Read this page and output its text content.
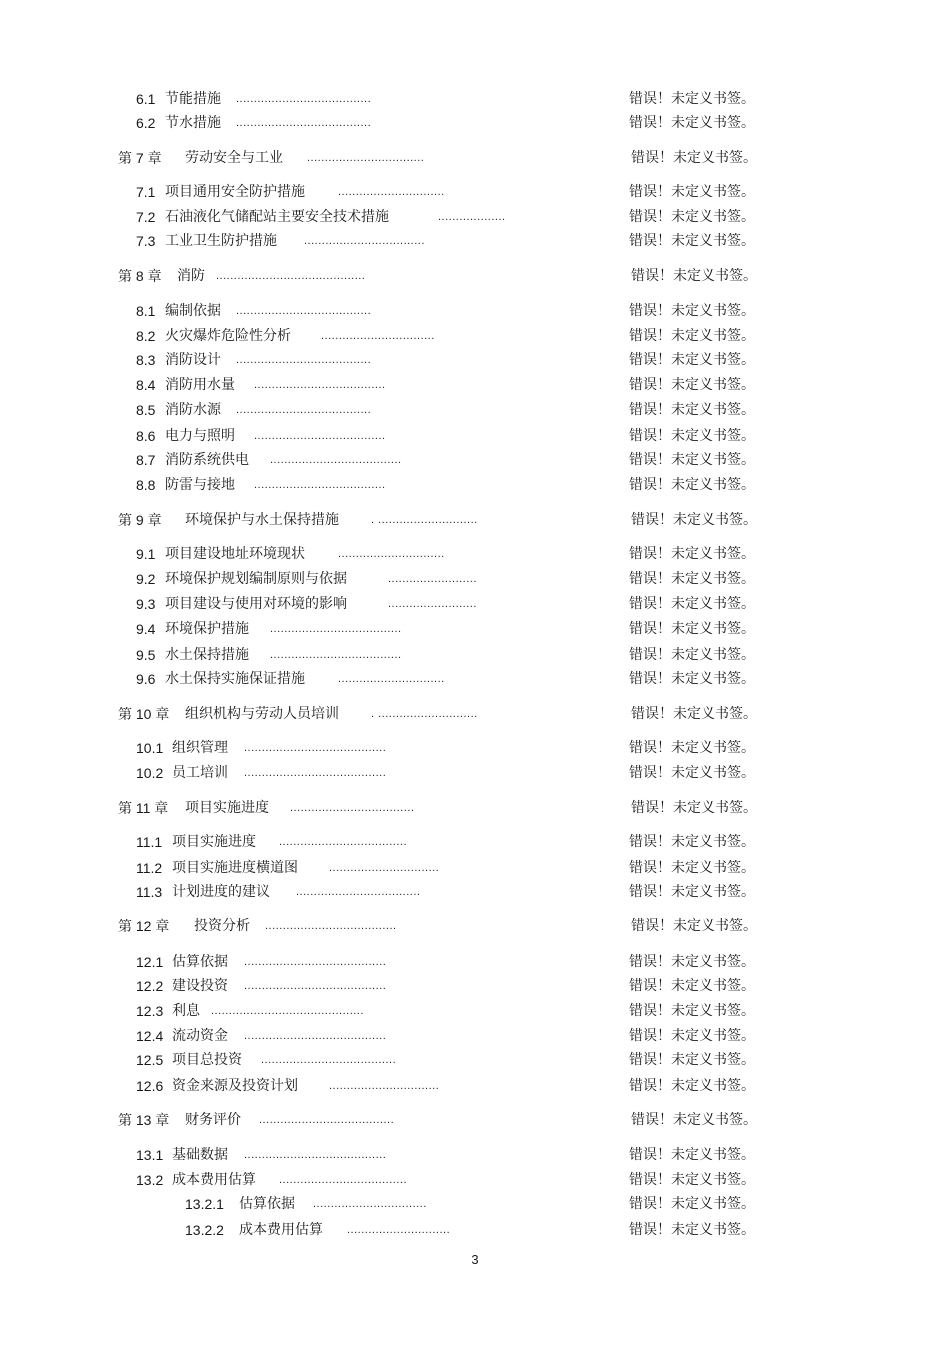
6.1 节能措施 ......................................	错误！未定义书签。
6.2 节水措施 ......................................	错误！未定义书签。
第 7 章 劳动安全与工业 .................................	错误！未定义书签。
7.1 项目通用安全防护措施	..............................	错误！未定义书签。
7.2 石油液化气储配站主要安全技术措施	...................	错误！未定义书签。
7.3 工业卫生防护措施 ..................................	错误！未定义书签。
第 8 章 消防 ..........................................	错误！未定义书签。
8.1 编制依据 ......................................	错误！未定义书签。
8.2 火灾爆炸危险性分析	................................	错误！未定义书签。
8.3 消防设计 ......................................	错误！未定义书签。
8.4 消防用水量 .....................................	错误！未定义书签。
8.5 消防水源 ......................................	错误！未定义书签。
8.6 电力与照明 .....................................	错误！未定义书签。
8.7 消防系统供电 .....................................	错误！未定义书签。
8.8 防雷与接地 .....................................	错误！未定义书签。
第 9 章 环境保护与水土保持措施	. ............................	错误！未定义书签。
9.1 项目建设地址环境现状	..............................	错误！未定义书签。
9.2 环境保护规划编制原则与依据	.........................	错误！未定义书签。
9.3 项目建设与使用对环境的影响	.........................	错误！未定义书签。
9.4 环境保护措施 .....................................	错误！未定义书签。
9.5 水土保持措施 .....................................	错误！未定义书签。
9.6 水土保持实施保证措施	..............................	错误！未定义书签。
第 10 章 组织机构与劳动人员培训	. ............................	错误！未定义书签。
10.1 组织管理 ........................................	错误！未定义书签。
10.2 员工培训 ........................................	错误！未定义书签。
第 11 章 项目实施进度 ...................................	错误！未定义书签。
11.1 项目实施进度 ....................................	错误！未定义书签。
11.2 项目实施进度横道图	...............................	错误！未定义书签。
11.3 计划进度的建议 ...................................	错误！未定义书签。
第 12 章 投资分析 .....................................	错误！未定义书签。
12.1 估算依据 ........................................	错误！未定义书签。
12.2 建设投资 ........................................	错误！未定义书签。
12.3 利息 ...........................................	错误！未定义书签。
12.4 流动资金 ........................................	错误！未定义书签。
12.5 项目总投资 ......................................	错误！未定义书签。
12.6 资金来源及投资计划	...............................	错误！未定义书签。
第 13 章 财务评价 ......................................	错误！未定义书签。
13.1 基础数据 ........................................	错误！未定义书签。
13.2 成本费用估算 ....................................	错误！未定义书签。
13.2.1 估算依据 ................................	错误！未定义书签。
13.2.2 成本费用估算 .............................	错误！未定义书签。
3
